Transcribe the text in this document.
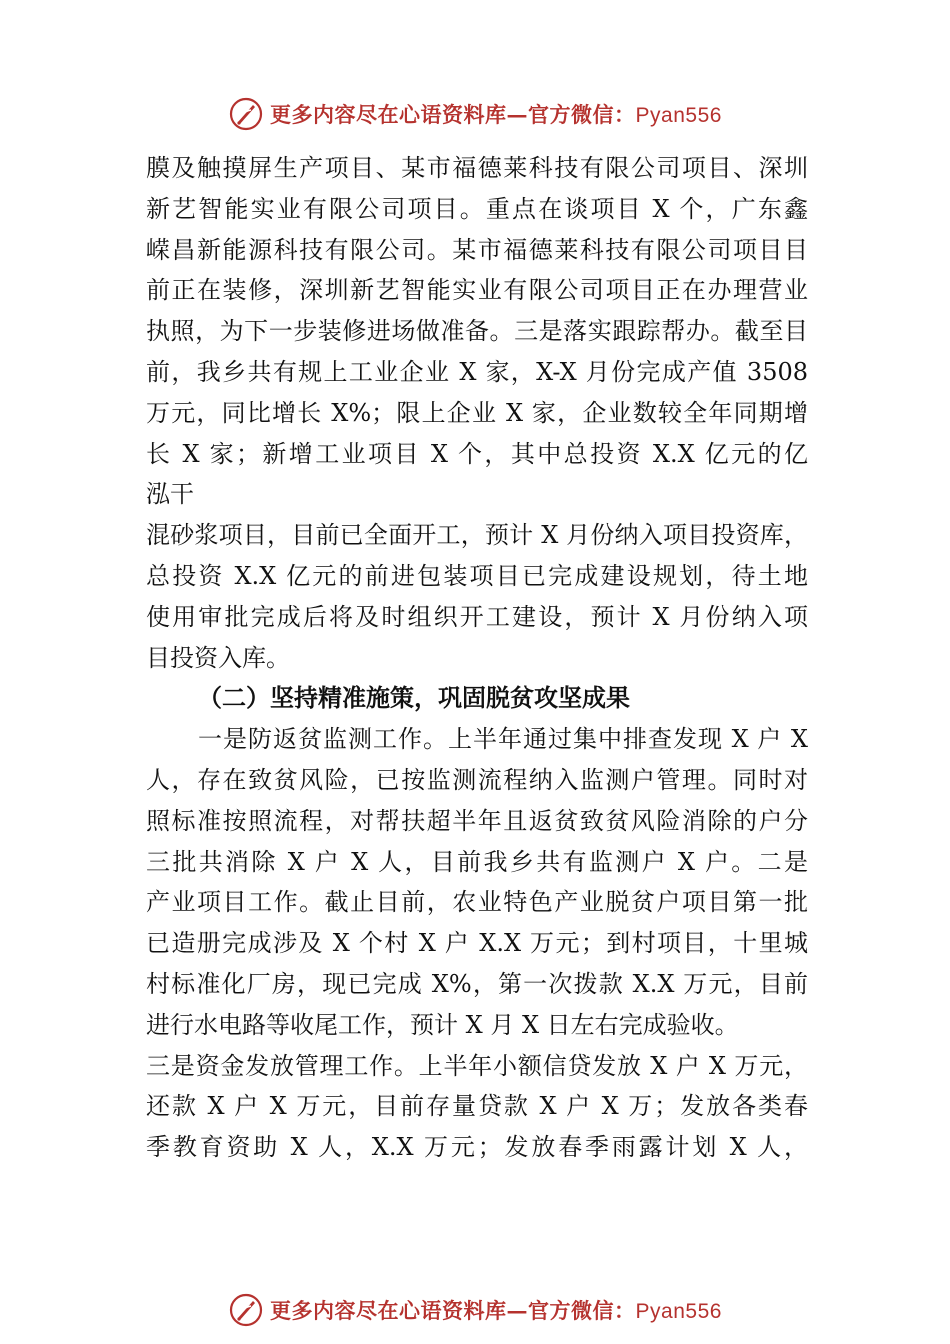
更多内容尽在心语资料库—官方微信：Pyan556
膜及触摸屏生产项目、某市福德莱科技有限公司项目、深圳
新艺智能实业有限公司项目。重点在谈项目 X 个，广东鑫
嵘昌新能源科技有限公司。某市福德莱科技有限公司项目目
前正在装修，深圳新艺智能实业有限公司项目正在办理营业
执照，为下一步装修进场做准备。三是落实跟踪帮办。截至目
前，我乡共有规上工业企业 X 家，X-X 月份完成产值 3508
万元，同比增长 X%；限上企业 X 家，企业数较全年同期增
长 X 家；新增工业项目 X 个，其中总投资 X.X 亿元的亿
泓干
混砂浆项目，目前已全面开工，预计 X 月份纳入项目投资库，
总投资 X.X 亿元的前进包装项目已完成建设规划，待土地
使用审批完成后将及时组织开工建设，预计 X 月份纳入项
目投资入库。
（二）坚持精准施策，巩固脱贫攻坚成果
一是防返贫监测工作。上半年通过集中排查发现 X 户 X
人，存在致贫风险，已按监测流程纳入监测户管理。同时对
照标准按照流程，对帮扶超半年且返贫致贫风险消除的户分
三批共消除 X 户 X 人，目前我乡共有监测户 X 户。二是
产业项目工作。截止目前，农业特色产业脱贫户项目第一批
已造册完成涉及 X 个村 X 户 X.X 万元；到村项目，十里城
村标准化厂房，现已完成 X%，第一次拨款 X.X 万元，目前
进行水电路等收尾工作，预计 X 月 X 日左右完成验收。
三是资金发放管理工作。上半年小额信贷发放 X 户 X 万元，
还款 X 户 X 万元，目前存量贷款 X 户 X 万；发放各类春
季教育资助 X 人，X.X 万元；发放春季雨露计划 X 人，
更多内容尽在心语资料库—官方微信：Pyan556
